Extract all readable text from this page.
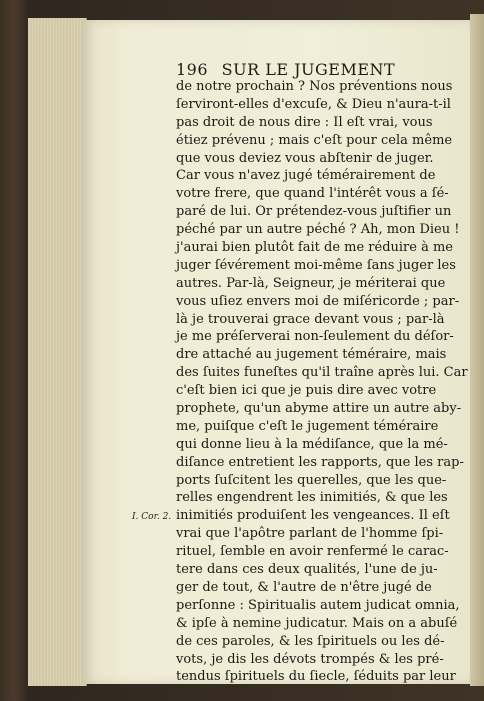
196 SUR LE JUGEMENT
I. Cor. 2.
de notre prochain ? Nos préventions nous
ſerviront-elles d'excuſe, & Dieu n'aura-t-il
pas droit de nous dire : Il eſt vrai, vous
étiez prévenu ; mais c'eſt pour cela même
que vous deviez vous abſtenir de juger.
Car vous n'avez jugé témérairement de
votre frere, que quand l'intérêt vous a ſé-
paré de lui. Or prétendez-vous juſtifier un
péché par un autre péché ? Ah, mon Dieu !
j'aurai bien plutôt fait de me réduire à me
juger ſévérement moi-même ſans juger les
autres. Par-là, Seigneur, je mériterai que
vous uſiez envers moi de miſéricorde ; par-
là je trouverai grace devant vous ; par-là
je me préſerverai non-ſeulement du déſor-
dre attaché au jugement téméraire, mais
des ſuites funeſtes qu'il traîne après lui. Car
c'eſt bien ici que je puis dire avec votre
prophete, qu'un abyme attire un autre aby-
me, puiſque c'eſt le jugement téméraire
qui donne lieu à la médiſance, que la mé-
diſance entretient les rapports, que les rap-
ports ſuſcitent les querelles, que les que-
relles engendrent les inimitiés, & que les
inimitiés produiſent les vengeances. Il eſt
vrai que l'apôtre parlant de l'homme ſpi-
rituel, ſemble en avoir renfermé le carac-
tere dans ces deux qualités, l'une de ju-
ger de tout, & l'autre de n'être jugé de
perſonne : Spiritualis autem judicat omnia,
& ipſe à nemine judicatur. Mais on a abuſé
de ces paroles, & les ſpirituels ou les dé-
vots, je dis les dévots trompés & les pré-
tendus ſpirituels du ſiecle, ſéduits par leur
